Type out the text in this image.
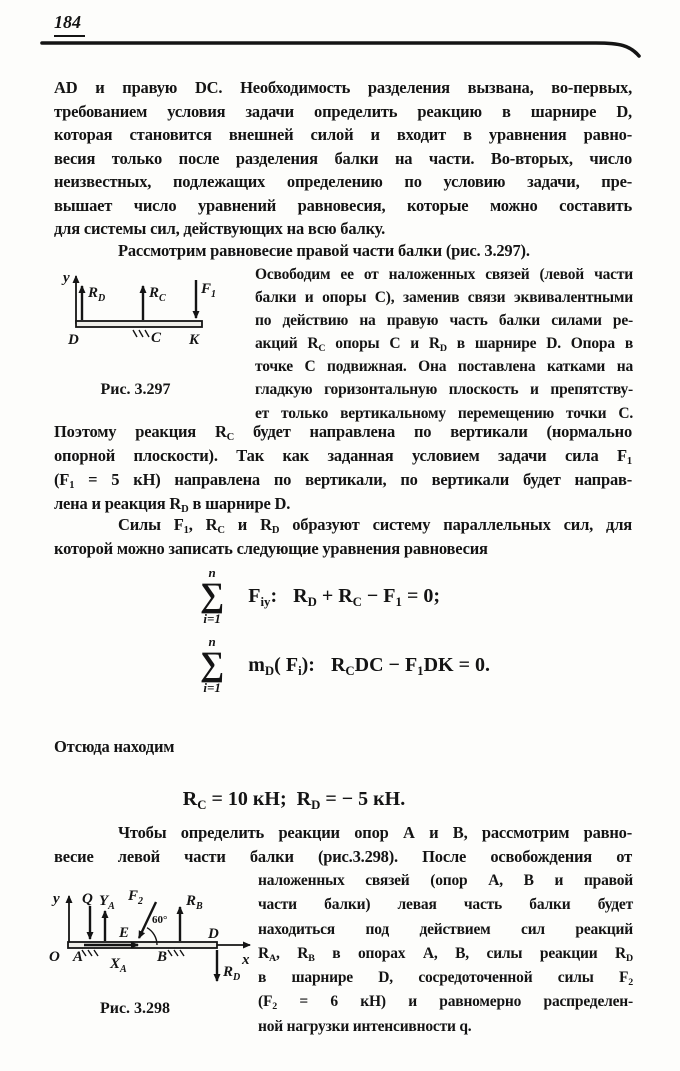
184
AD и правую DC. Необходимость разделения вызвана, во-первых,
требованием условия задачи определить реакцию в шарнире D,
которая становится внешней силой и входит в уравнения равно-
весия только после разделения балки на части. Во-вторых, число
неизвестных, подлежащих определению по условию задачи, пре-
вышает число уравнений равновесия, которые можно составить
для системы сил, действующих на всю балку.
Рассмотрим равновесие правой части балки (рис. 3.297).
Освободим ее от наложенных связей (левой части
балки и опоры С), заменив связи эквивалентными
по действию на правую часть балки силами ре-
акций $R_C$ опоры С и $R_D$ в шарнире D. Опора в
точке С подвижная. Она поставлена катками на
гладкую горизонтальную плоскость и препятству-
ет только вертикальному перемещению точки С.
y
$R_D$	$R_C$
$F_1$
D	C K
Рис. 3.297
Поэтому реакция $R_C$ будет направлена по вертикали (нормально
опорной плоскости). Так как заданная условием задачи сила $F_1$
($F_1 = 5$ кН) направлена по вертикали, по вертикали будет направ-
лена и реакция $R_D$ в шарнире D.
Силы $F_1$, $R_C$ и $R_D$ образуют систему параллельных сил, для
которой можно записать следующие уравнения равновесия
n
∑
i=1
$F_{iy}$: $R_D + R_C - F_1 = 0$;
n
∑
i=1
$m_D$( $F_i$): $R_CDC - F_1DK = 0$.
Отсюда находим
$R_C = 10$ кН;  $R_D$ = − 5 кН.
Чтобы определить реакции опор А и В, рассмотрим равно-
весие левой части балки (рис.3.298). После освобождения от
наложенных связей (опор А, В и правой
части балки) левая часть балки будет
находиться под действием сил реакций
$R_A$, $R_B$ в опорах А, В, силы реакции $R_D$
в шарнире D, сосредоточенной силы $F_2$
($F_2 = 6$ кН) и равномерно распределен-
ной нагрузки интенсивности q.
y
x
O
Q $Y_A$
A $X_A$
E
$F_2$
60°
$R_B$
B
D
$R_D$
Рис. 3.298
